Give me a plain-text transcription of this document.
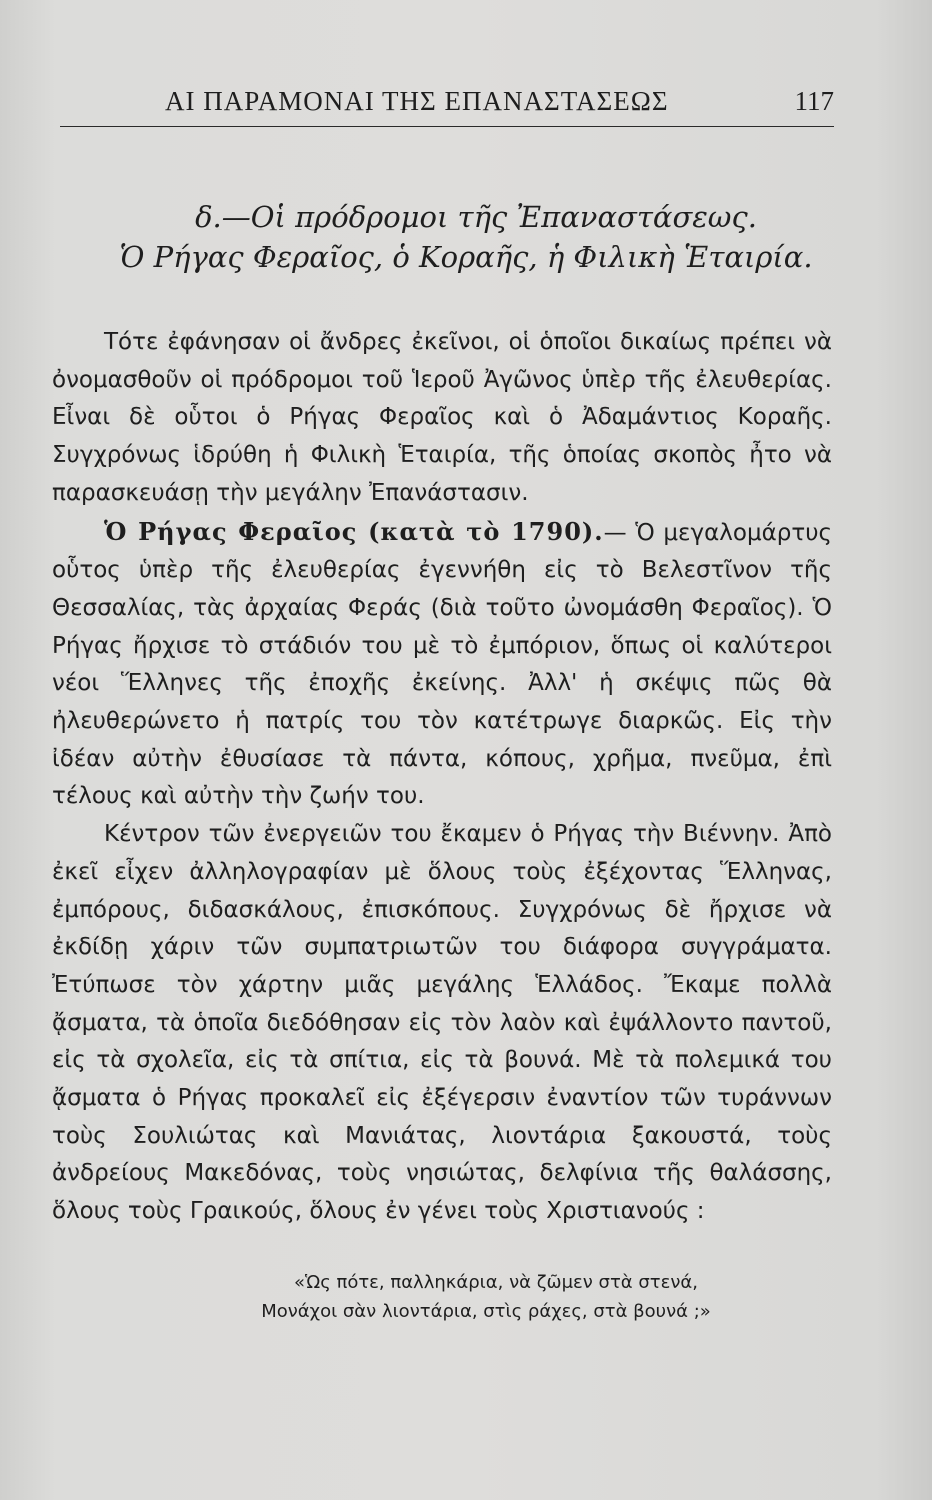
ΑΙ ΠΑΡΑΜΟΝΑΙ ΤΗΣ ΕΠΑΝΑΣΤΑΣΕΩΣ	117
δ.—Οἱ πρόδρομοι τῆς Ἐπαναστάσεως.
Ὁ Ρήγας Φεραῖος, ὁ Κοραῆς, ἡ Φιλικὴ Ἑταιρία.

Τότε ἐφάνησαν οἱ ἄνδρες ἐκεῖνοι, οἱ ὁποῖοι δικαίως πρέπει νὰ ὀνομασθοῦν οἱ πρόδρομοι τοῦ Ἱεροῦ Ἀγῶνος ὑπὲρ τῆς ἐλευθερίας. Εἶναι δὲ οὗτοι ὁ Ρήγας Φεραῖος καὶ ὁ Ἀδαμάντιος Κοραῆς. Συγχρόνως ἱδρύθη ἡ Φιλικὴ Ἑταιρία, τῆς ὁποίας σκοπὸς ἦτο νὰ παρασκευάσῃ τὴν μεγάλην Ἐπανάστασιν.

Ὁ Ρήγας Φεραῖος (κατὰ τὸ 1790).— Ὁ μεγαλομάρτυς οὗτος ὑπὲρ τῆς ἐλευθερίας ἐγεννήθη εἰς τὸ Βελεστῖνον τῆς Θεσσαλίας, τὰς ἀρχαίας Φεράς (διὰ τοῦτο ὠνομάσθη Φεραῖος). Ὁ Ρήγας ἤρχισε τὸ στάδιόν του μὲ τὸ ἐμπόριον, ὅπως οἱ καλύτεροι νέοι Ἕλληνες τῆς ἐποχῆς ἐκείνης. Ἀλλ' ἡ σκέψις πῶς θὰ ἠλευθερώνετο ἡ πατρίς του τὸν κατέτρωγε διαρκῶς. Εἰς τὴν ἰδέαν αὐτὴν ἐθυσίασε τὰ πάντα, κόπους, χρῆμα, πνεῦμα, ἐπὶ τέλους καὶ αὐτὴν τὴν ζωήν του.

Κέντρον τῶν ἐνεργειῶν του ἔκαμεν ὁ Ρήγας τὴν Βιέννην. Ἀπὸ ἐκεῖ εἶχεν ἀλληλογραφίαν μὲ ὅλους τοὺς ἐξέχοντας Ἕλληνας, ἐμπόρους, διδασκάλους, ἐπισκόπους. Συγχρόνως δὲ ἤρχισε νὰ ἐκδίδῃ χάριν τῶν συμπατριωτῶν του διάφορα συγγράματα. Ἐτύπωσε τὸν χάρτην μιᾶς μεγάλης Ἑλλάδος. Ἔκαμε πολλὰ ᾄσματα, τὰ ὁποῖα διεδόθησαν εἰς τὸν λαὸν καὶ ἐψάλλοντο παντοῦ, εἰς τὰ σχολεῖα, εἰς τὰ σπίτια, εἰς τὰ βουνά. Μὲ τὰ πολεμικά του ᾄσματα ὁ Ρήγας προκαλεῖ εἰς ἐξέγερσιν ἐναντίον τῶν τυράννων τοὺς Σουλιώτας καὶ Μανιάτας, λιοντάρια ξακουστά, τοὺς ἀνδρείους Μακεδόνας, τοὺς νησιώτας, δελφίνια τῆς θαλάσσης, ὅλους τοὺς Γραικούς, ὅλους ἐν γένει τοὺς Χριστιανούς :

«Ὡς πότε, παλληκάρια, νὰ ζῶμεν στὰ στενά,
Μονάχοι σὰν λιοντάρια, στὶς ράχες, στὰ βουνά ;»
